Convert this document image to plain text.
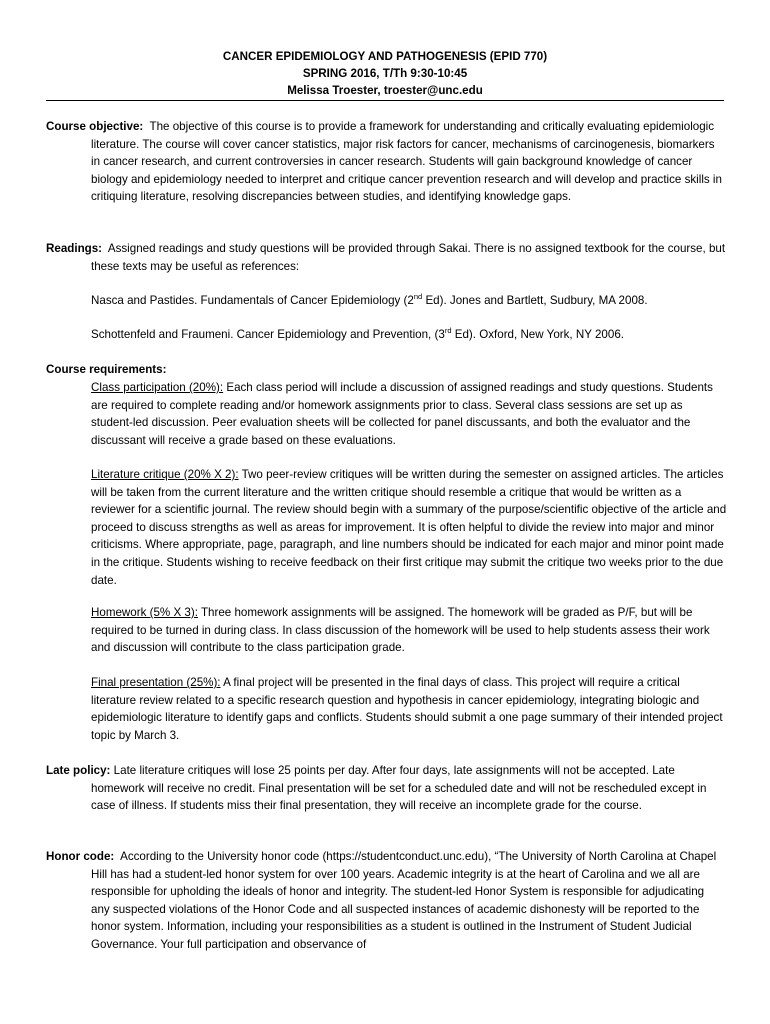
CANCER EPIDEMIOLOGY AND PATHOGENESIS (EPID 770)
SPRING 2016, T/Th 9:30-10:45
Melissa Troester, troester@unc.edu

Course objective: The objective of this course is to provide a framework for understanding and critically evaluating epidemiologic literature. The course will cover cancer statistics, major risk factors for cancer, mechanisms of carcinogenesis, biomarkers in cancer research, and current controversies in cancer research. Students will gain background knowledge of cancer biology and epidemiology needed to interpret and critique cancer prevention research and will develop and practice skills in critiquing literature, resolving discrepancies between studies, and identifying knowledge gaps.

Readings: Assigned readings and study questions will be provided through Sakai. There is no assigned textbook for the course, but these texts may be useful as references:

Nasca and Pastides. Fundamentals of Cancer Epidemiology (2nd Ed). Jones and Bartlett, Sudbury, MA 2008.

Schottenfeld and Fraumeni. Cancer Epidemiology and Prevention, (3rd Ed). Oxford, New York, NY 2006.

Course requirements:

Class participation (20%): Each class period will include a discussion of assigned readings and study questions. Students are required to complete reading and/or homework assignments prior to class. Several class sessions are set up as student-led discussion. Peer evaluation sheets will be collected for panel discussants, and both the evaluator and the discussant will receive a grade based on these evaluations.

Literature critique (20% X 2): Two peer-review critiques will be written during the semester on assigned articles. The articles will be taken from the current literature and the written critique should resemble a critique that would be written as a reviewer for a scientific journal. The review should begin with a summary of the purpose/scientific objective of the article and proceed to discuss strengths as well as areas for improvement. It is often helpful to divide the review into major and minor criticisms. Where appropriate, page, paragraph, and line numbers should be indicated for each major and minor point made in the critique. Students wishing to receive feedback on their first critique may submit the critique two weeks prior to the due date.

Homework (5% X 3): Three homework assignments will be assigned. The homework will be graded as P/F, but will be required to be turned in during class. In class discussion of the homework will be used to help students assess their work and discussion will contribute to the class participation grade.

Final presentation (25%): A final project will be presented in the final days of class. This project will require a critical literature review related to a specific research question and hypothesis in cancer epidemiology, integrating biologic and epidemiologic literature to identify gaps and conflicts. Students should submit a one page summary of their intended project topic by March 3.

Late policy: Late literature critiques will lose 25 points per day. After four days, late assignments will not be accepted. Late homework will receive no credit. Final presentation will be set for a scheduled date and will not be rescheduled except in case of illness. If students miss their final presentation, they will receive an incomplete grade for the course.

Honor code: According to the University honor code (https://studentconduct.unc.edu), “The University of North Carolina at Chapel Hill has had a student-led honor system for over 100 years. Academic integrity is at the heart of Carolina and we all are responsible for upholding the ideals of honor and integrity. The student-led Honor System is responsible for adjudicating any suspected violations of the Honor Code and all suspected instances of academic dishonesty will be reported to the honor system. Information, including your responsibilities as a student is outlined in the Instrument of Student Judicial Governance. Your full participation and observance of
